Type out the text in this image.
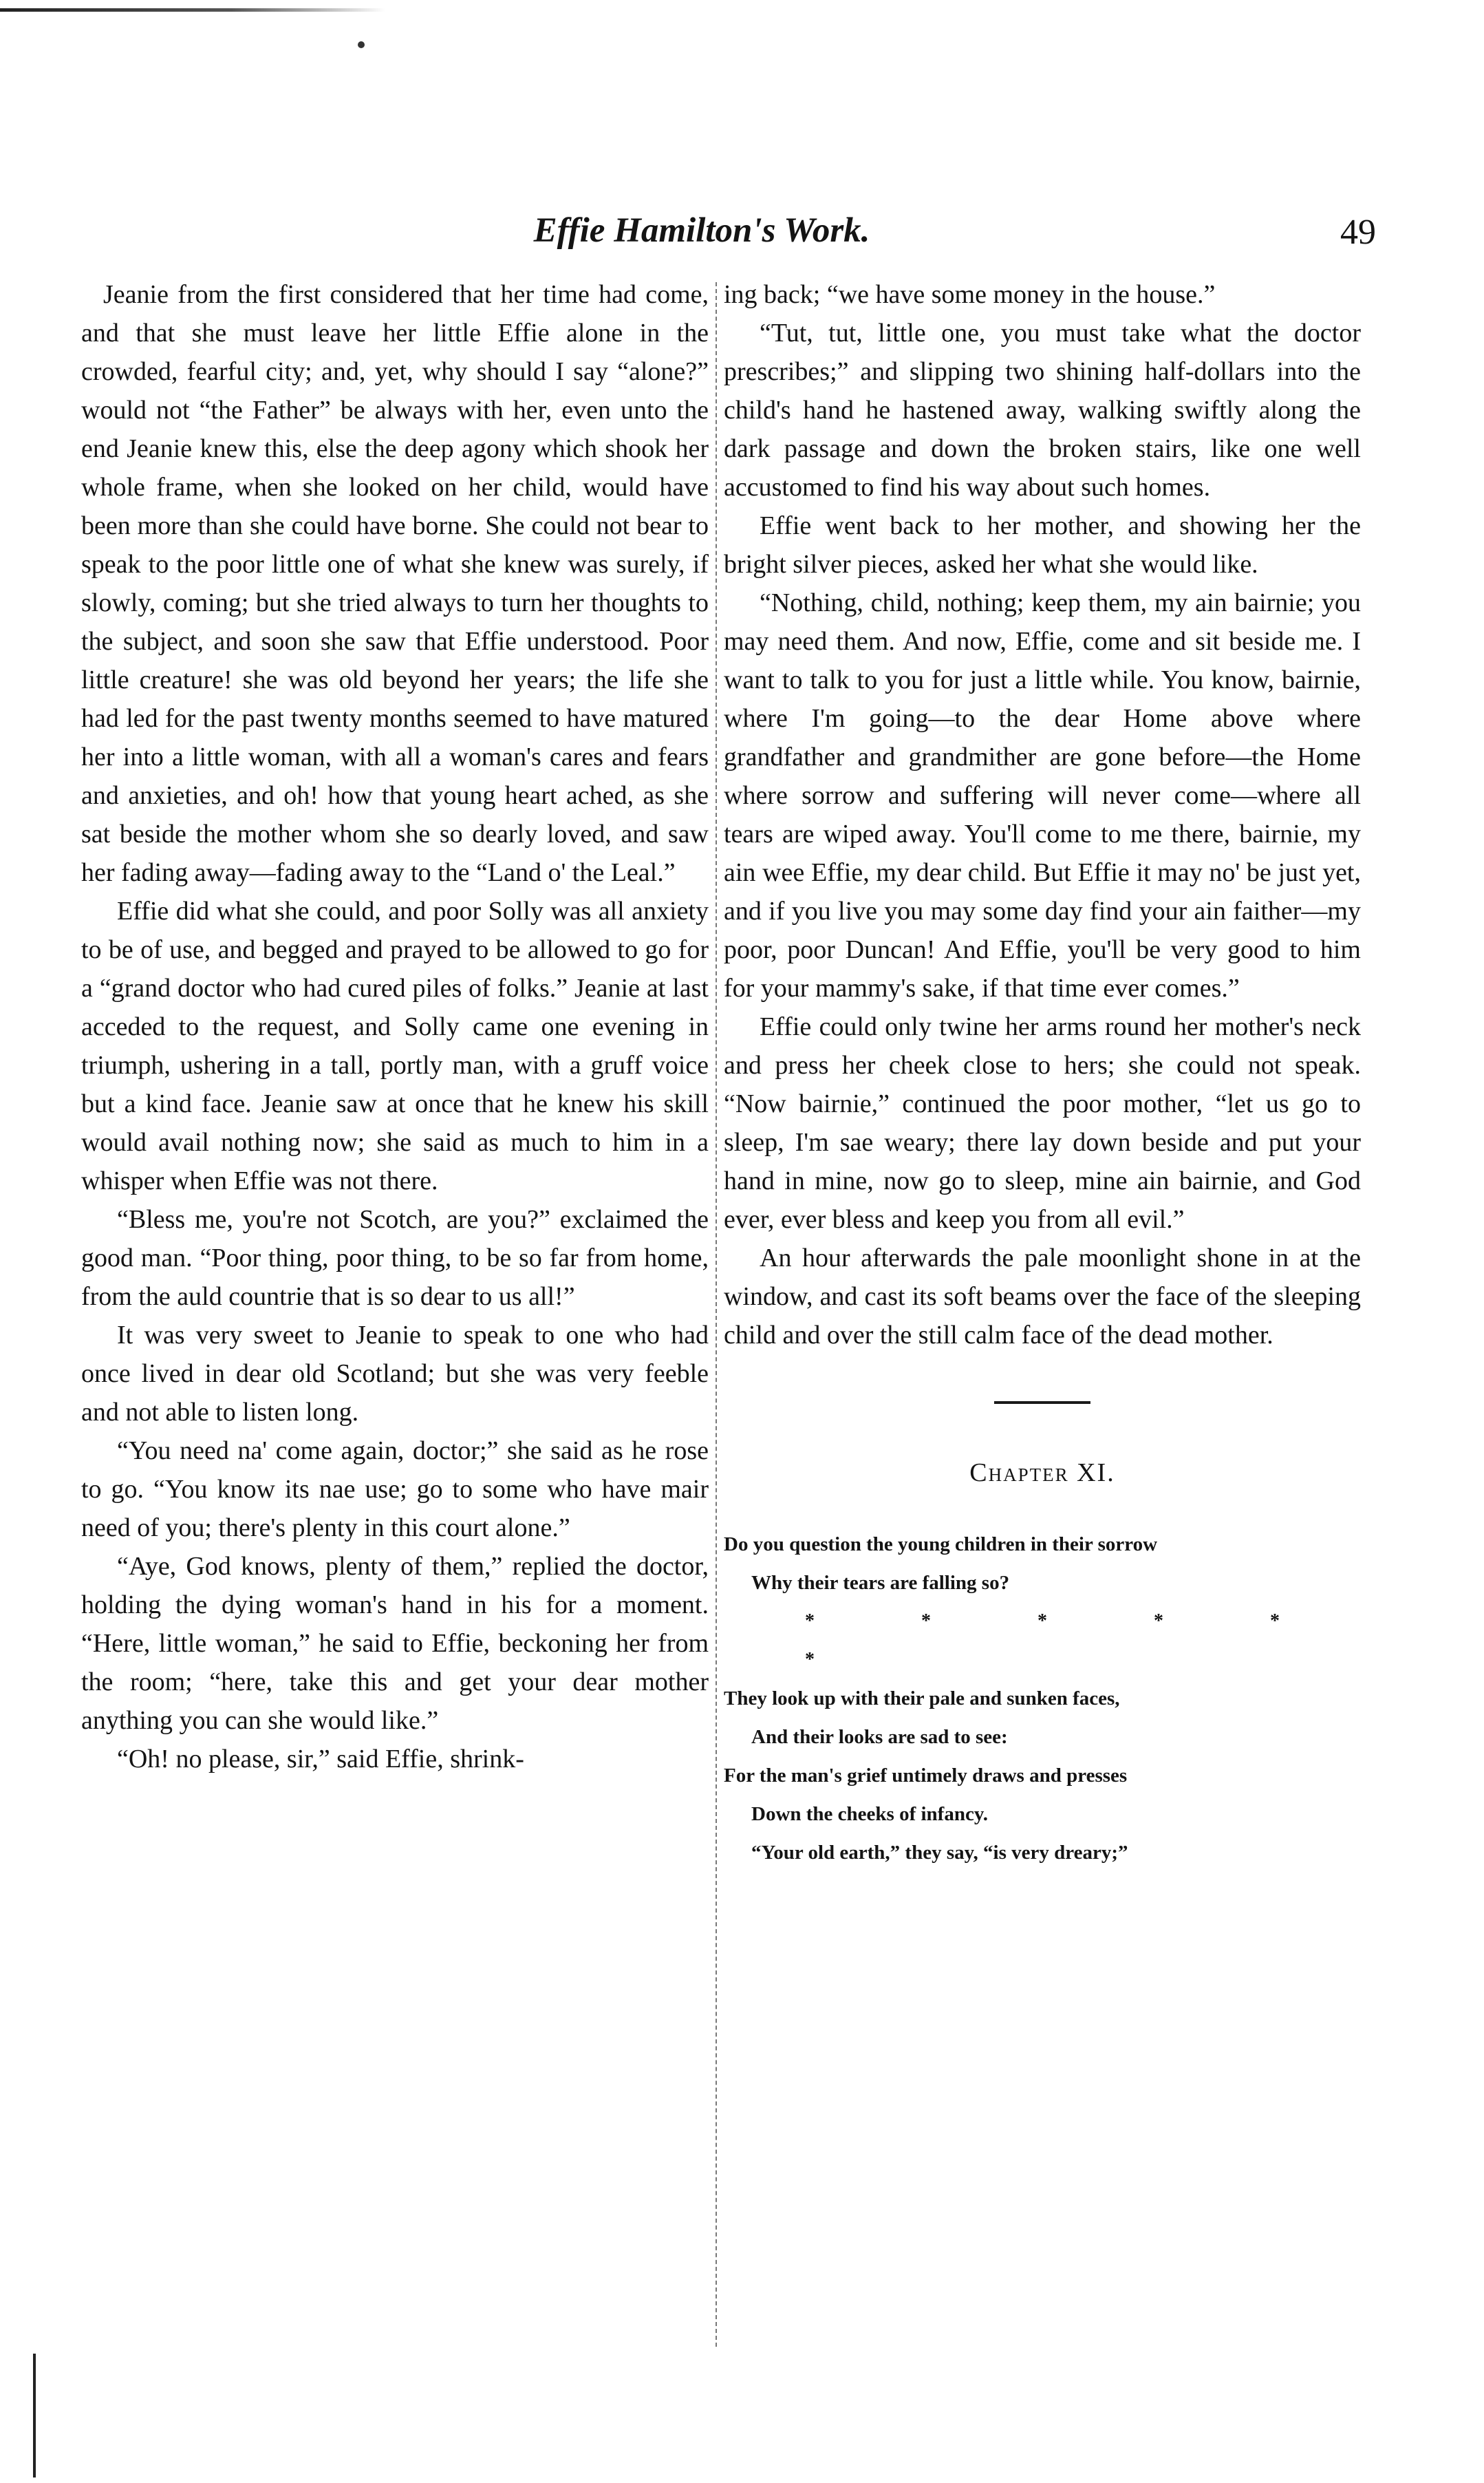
Effie Hamilton's Work.	49

Jeanie from the first considered that her time had come, and that she must leave her little Effie alone in the crowded, fearful city; and, yet, why should I say “alone?” would not “the Father” be always with her, even unto the end Jeanie knew this, else the deep agony which shook her whole frame, when she looked on her child, would have been more than she could have borne. She could not bear to speak to the poor little one of what she knew was surely, if slowly, coming; but she tried always to turn her thoughts to the subject, and soon she saw that Effie understood. Poor little creature! she was old beyond her years; the life she had led for the past twenty months seemed to have matured her into a little woman, with all a woman's cares and fears and anxieties, and oh! how that young heart ached, as she sat beside the mother whom she so dearly loved, and saw her fading away—fading away to the “Land o' the Leal.”

Effie did what she could, and poor Solly was all anxiety to be of use, and begged and prayed to be allowed to go for a “grand doctor who had cured piles of folks.” Jeanie at last acceded to the request, and Solly came one evening in triumph, ushering in a tall, portly man, with a gruff voice but a kind face. Jeanie saw at once that he knew his skill would avail nothing now; she said as much to him in a whisper when Effie was not there.

“Bless me, you're not Scotch, are you?” exclaimed the good man. “Poor thing, poor thing, to be so far from home, from the auld countrie that is so dear to us all!”

It was very sweet to Jeanie to speak to one who had once lived in dear old Scotland; but she was very feeble and not able to listen long.

“You need na' come again, doctor;” she said as he rose to go. “You know its nae use; go to some who have mair need of you; there's plenty in this court alone.”

“Aye, God knows, plenty of them,” replied the doctor, holding the dying woman's hand in his for a moment. “Here, little woman,” he said to Effie, beckoning her from the room; “here, take this and get your dear mother anything you can she would like.”

“Oh! no please, sir,” said Effie, shrink-

ing back; “we have some money in the house.”

“Tut, tut, little one, you must take what the doctor prescribes;” and slipping two shining half-dollars into the child's hand he hastened away, walking swiftly along the dark passage and down the broken stairs, like one well accustomed to find his way about such homes.

Effie went back to her mother, and showing her the bright silver pieces, asked her what she would like.

“Nothing, child, nothing; keep them, my ain bairnie; you may need them. And now, Effie, come and sit beside me. I want to talk to you for just a little while. You know, bairnie, where I'm going—to the dear Home above where grandfather and grandmither are gone before—the Home where sorrow and suffering will never come—where all tears are wiped away. You'll come to me there, bairnie, my ain wee Effie, my dear child. But Effie it may no' be just yet, and if you live you may some day find your ain faither—my poor, poor Duncan! And Effie, you'll be very good to him for your mammy's sake, if that time ever comes.”

Effie could only twine her arms round her mother's neck and press her cheek close to hers; she could not speak. “Now bairnie,” continued the poor mother, “let us go to sleep, I'm sae weary; there lay down beside and put your hand in mine, now go to sleep, mine ain bairnie, and God ever, ever bless and keep you from all evil.”

An hour afterwards the pale moonlight shone in at the window, and cast its soft beams over the face of the sleeping child and over the still calm face of the dead mother.

Chapter XI.
Do you question the young children in their sorrow
Why their tears are falling so?
* * * * * *
They look up with their pale and sunken faces,
And their looks are sad to see:
For the man's grief untimely draws and presses
Down the cheeks of infancy.
“Your old earth,” they say, “is very dreary;”
